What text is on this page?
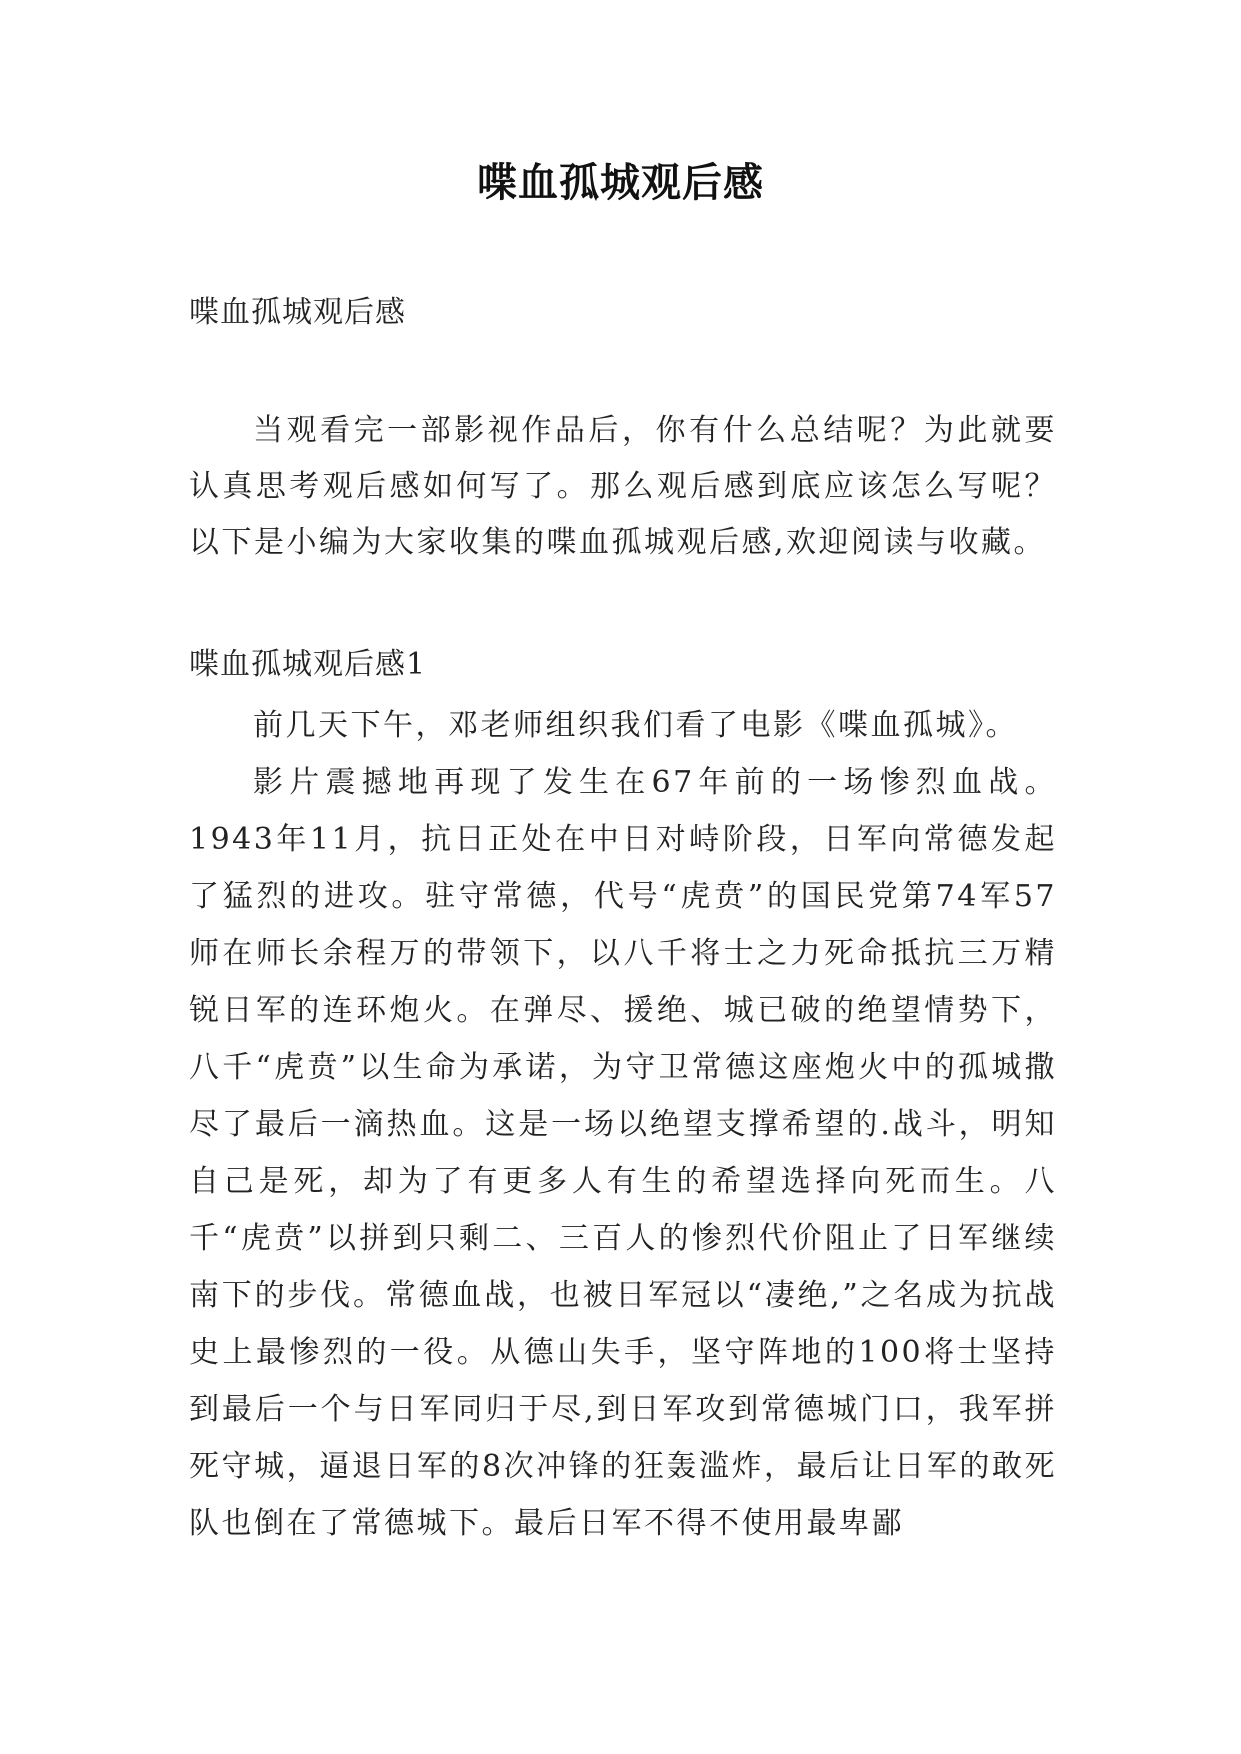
喋血孤城观后感
喋血孤城观后感

当观看完一部影视作品后，你有什么总结呢？为此就要认真思考观后感如何写了。那么观后感到底应该怎么写呢？以下是小编为大家收集的喋血孤城观后感,欢迎阅读与收藏。

喋血孤城观后感1

前几天下午，邓老师组织我们看了电影《喋血孤城》。

影片震撼地再现了发生在67年前的一场惨烈血战。1943年11月，抗日正处在中日对峙阶段，日军向常德发起了猛烈的进攻。驻守常德，代号“虎贲”的国民党第74军57师在师长余程万的带领下，以八千将士之力死命抵抗三万精锐日军的连环炮火。在弹尽、援绝、城已破的绝望情势下，八千“虎贲”以生命为承诺，为守卫常德这座炮火中的孤城撒尽了最后一滴热血。这是一场以绝望支撑希望的.战斗，明知自己是死，却为了有更多人有生的希望选择向死而生。八千“虎贲”以拼到只剩二、三百人的惨烈代价阻止了日军继续南下的步伐。常德血战，也被日军冠以“凄绝,”之名成为抗战史上最惨烈的一役。从德山失手，坚守阵地的100将士坚持到最后一个与日军同归于尽,到日军攻到常德城门口，我军拼死守城，逼退日军的8次冲锋的狂轰滥炸，最后让日军的敢死队也倒在了常德城下。最后日军不得不使用最卑鄙
